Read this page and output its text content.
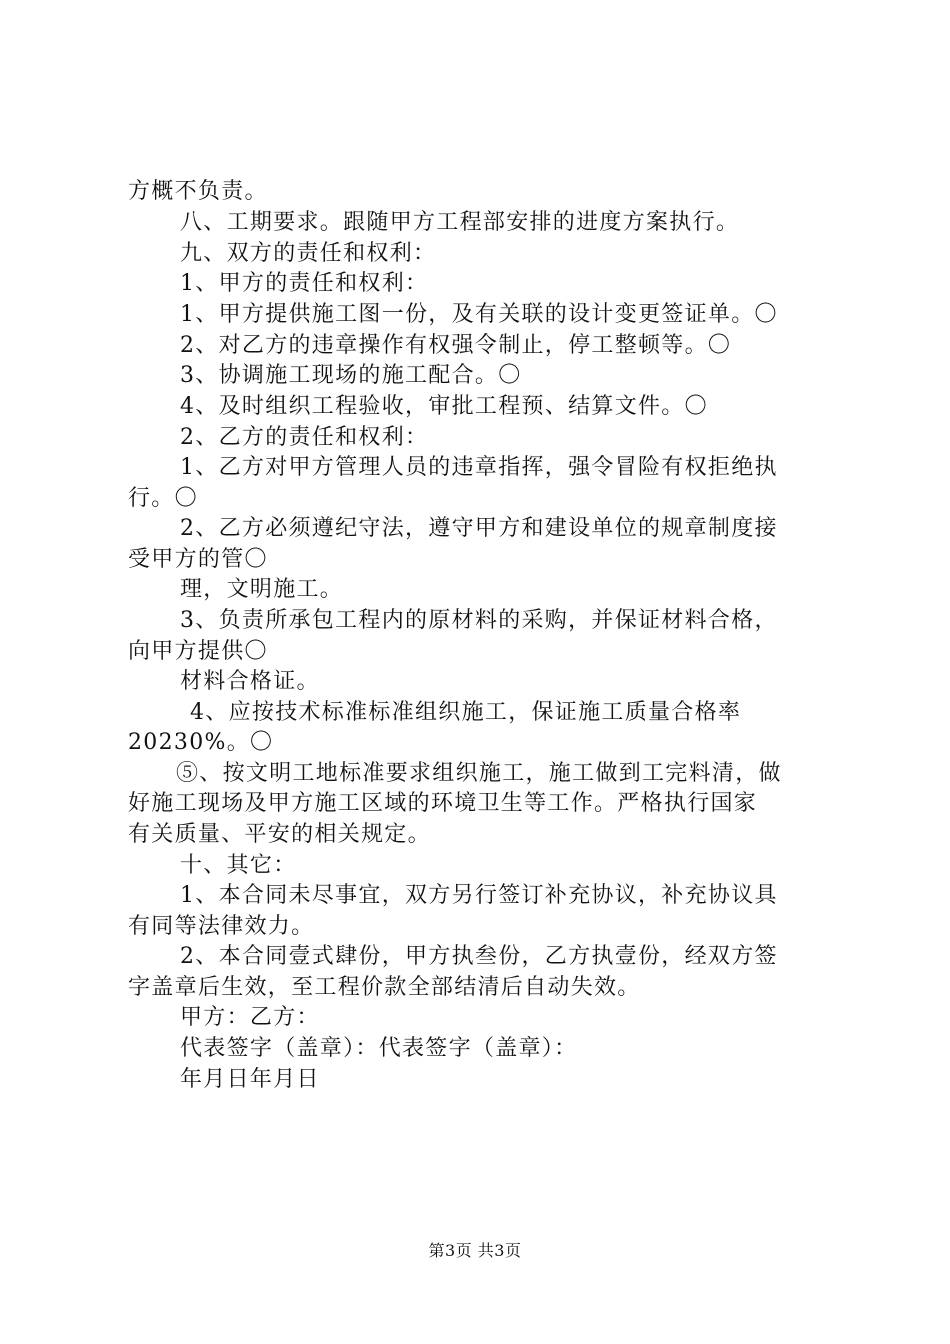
方概不负责。
八、工期要求。跟随甲方工程部安排的进度方案执行。
九、双方的责任和权利：
1、甲方的责任和权利：
1、甲方提供施工图一份，及有关联的设计变更签证单。〇
2、对乙方的违章操作有权强令制止，停工整顿等。〇
3、协调施工现场的施工配合。〇
4、及时组织工程验收，审批工程预、结算文件。〇
2、乙方的责任和权利：
1、乙方对甲方管理人员的违章指挥，强令冒险有权拒绝执
行。〇
2、乙方必须遵纪守法，遵守甲方和建设单位的规章制度接
受甲方的管〇
理，文明施工。
3、负责所承包工程内的原材料的采购，并保证材料合格，
向甲方提供〇
材料合格证。
4、应按技术标准标准组织施工，保证施工质量合格率
20230%。〇
⑤、按文明工地标准要求组织施工，施工做到工完料清，做
好施工现场及甲方施工区域的环境卫生等工作。严格执行国家
有关质量、平安的相关规定。
十、其它：
1、本合同未尽事宜，双方另行签订补充协议，补充协议具
有同等法律效力。
2、本合同壹式肆份，甲方执叁份，乙方执壹份，经双方签
字盖章后生效，至工程价款全部结清后自动失效。
甲方：乙方：
代表签字（盖章）：代表签字（盖章）：
年月日年月日
第3页 共3页
